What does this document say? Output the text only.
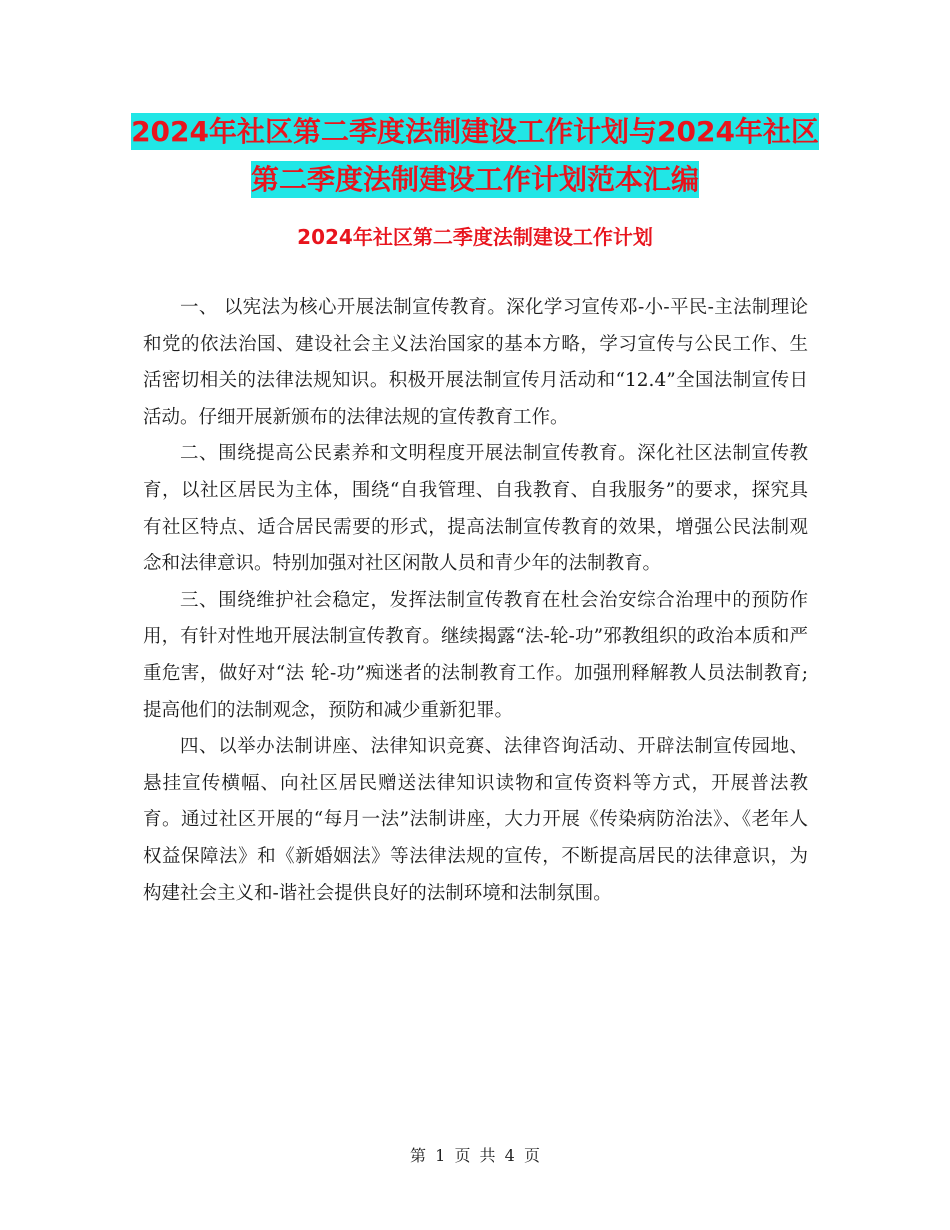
2024年社区第二季度法制建设工作计划与2024年社区
第二季度法制建设工作计划范本汇编
2024年社区第二季度法制建设工作计划

一、 以宪法为核心开展法制宣传教育。深化学习宣传邓-小-平民-主法制理论和党的依法治国、建设社会主义法治国家的基本方略，学习宣传与公民工作、生活密切相关的法律法规知识。积极开展法制宣传月活动和“12.4”全国法制宣传日活动。仔细开展新颁布的法律法规的宣传教育工作。

二、围绕提高公民素养和文明程度开展法制宣传教育。深化社区法制宣传教育，以社区居民为主体，围绕“自我管理、自我教育、自我服务”的要求，探究具有社区特点、适合居民需要的形式，提高法制宣传教育的效果，增强公民法制观念和法律意识。特别加强对社区闲散人员和青少年的法制教育。

三、围绕维护社会稳定，发挥法制宣传教育在杜会治安综合治理中的预防作用，有针对性地开展法制宣传教育。继续揭露“法-轮-功”邪教组织的政治本质和严重危害，做好对“法 轮-功”痴迷者的法制教育工作。加强刑释解教人员法制教育;提高他们的法制观念，预防和减少重新犯罪。

四、以举办法制讲座、法律知识竞赛、法律咨询活动、开辟法制宣传园地、悬挂宣传横幅、向社区居民赠送法律知识读物和宣传资料等方式，开展普法教育。通过社区开展的“每月一法”法制讲座，大力开展《传染病防治法》、《老年人权益保障法》和《新婚姻法》等法律法规的宣传，不断提高居民的法律意识，为构建社会主义和-谐社会提供良好的法制环境和法制氛围。

第 1 页 共 4 页
